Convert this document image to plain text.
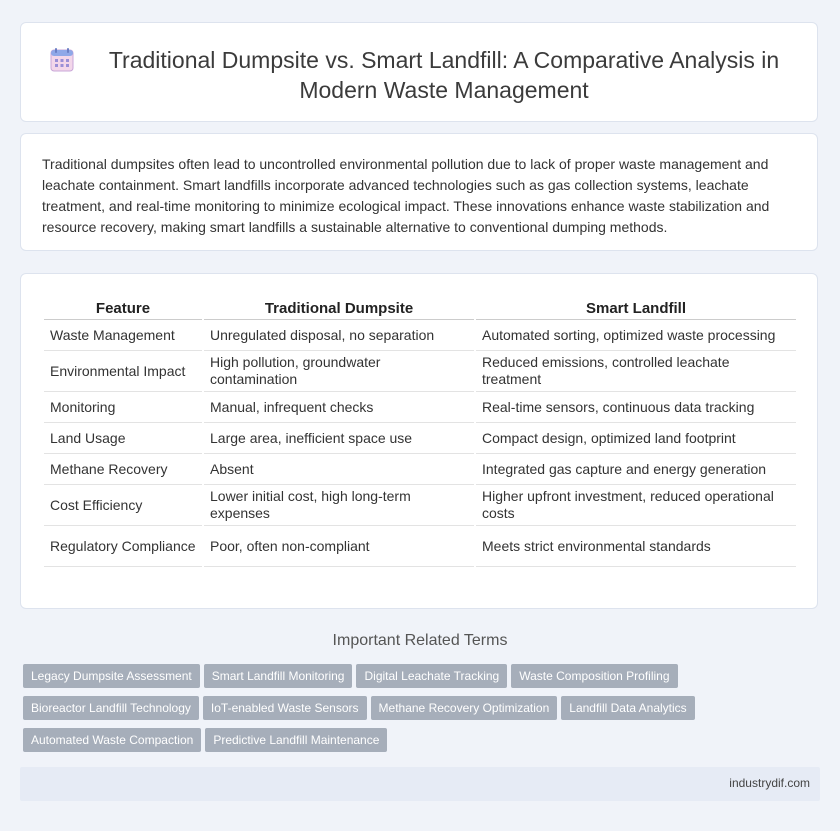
Traditional Dumpsite vs. Smart Landfill: A Comparative Analysis in Modern Waste Management

Traditional dumpsites often lead to uncontrolled environmental pollution due to lack of proper waste management and leachate containment. Smart landfills incorporate advanced technologies such as gas collection systems, leachate treatment, and real-time monitoring to minimize ecological impact. These innovations enhance waste stabilization and resource recovery, making smart landfills a sustainable alternative to conventional dumping methods.

Feature	Traditional Dumpsite	Smart Landfill
Waste Management	Unregulated disposal, no separation	Automated sorting, optimized waste processing
Environmental Impact	High pollution, groundwater contamination	Reduced emissions, controlled leachate treatment
Monitoring	Manual, infrequent checks	Real-time sensors, continuous data tracking
Land Usage	Large area, inefficient space use	Compact design, optimized land footprint
Methane Recovery	Absent	Integrated gas capture and energy generation
Cost Efficiency	Lower initial cost, high long-term expenses	Higher upfront investment, reduced operational costs
Regulatory Compliance	Poor, often non-compliant	Meets strict environmental standards
Important Related Terms
Legacy Dumpsite Assessment Smart Landfill Monitoring Digital Leachate Tracking Waste Composition Profiling
Bioreactor Landfill Technology IoT-enabled Waste Sensors Methane Recovery Optimization Landfill Data Analytics
Automated Waste Compaction Predictive Landfill Maintenance
industrydif.com
